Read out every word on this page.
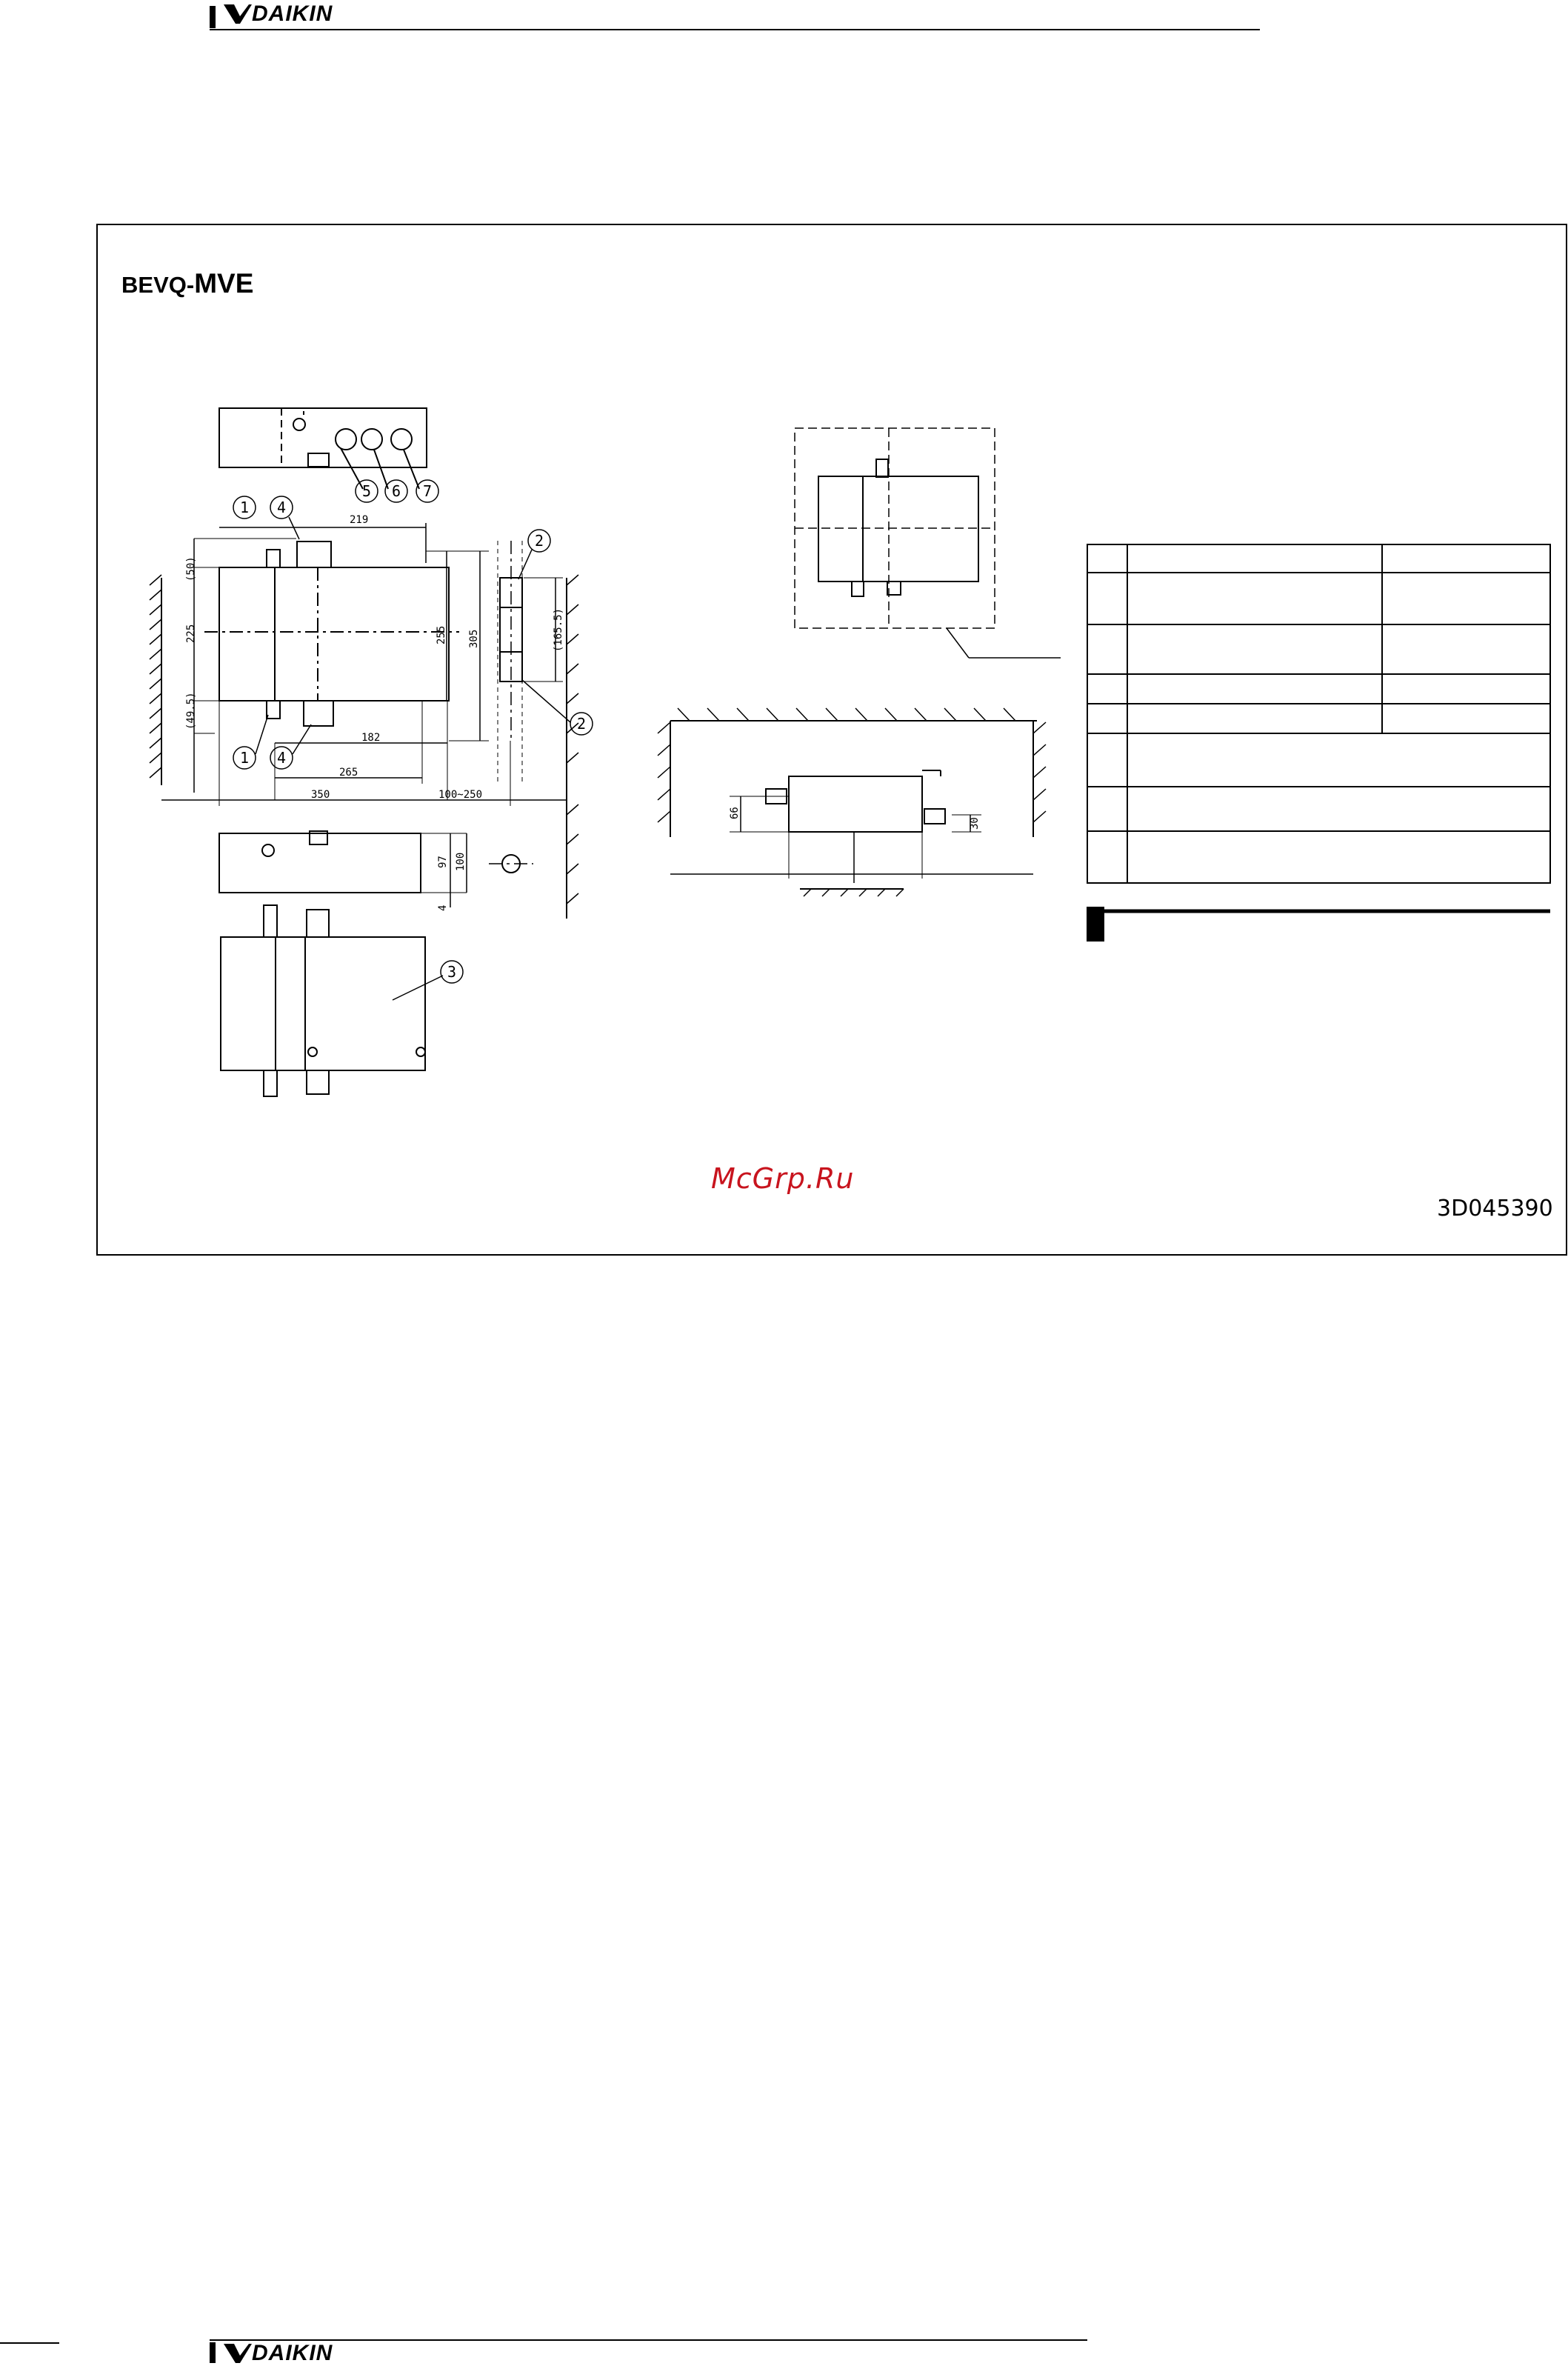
DAIKIN
BEVQ-MVE
McGrp.Ru
3D045390
219
(50)
225
(49.5)
255 305	(165.5)
182
265
350	100~250
97 100
4
66
30
1 4
2
2
1 4
3
5 6 7
DAIKIN
